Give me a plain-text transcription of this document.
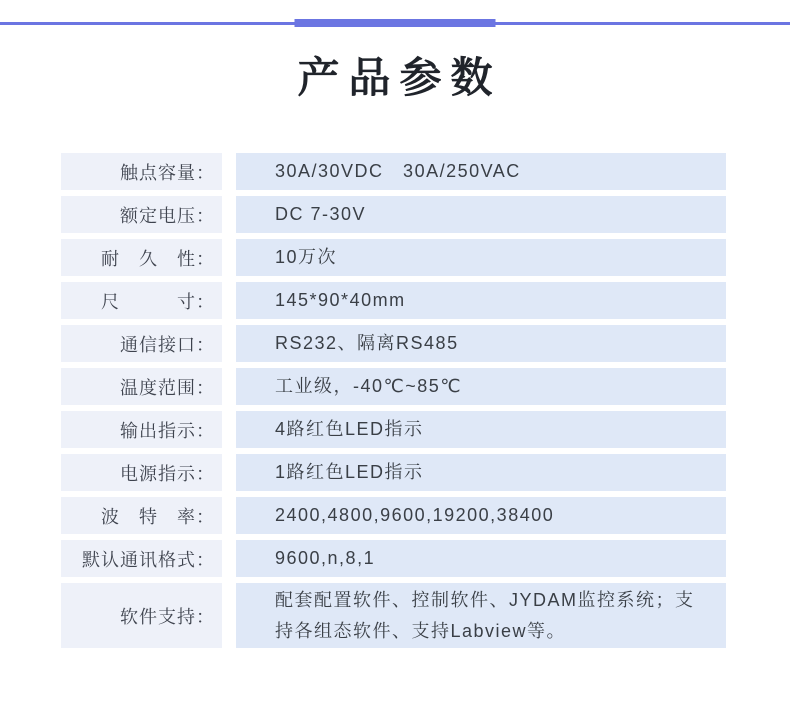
产品参数
触点容量：	30A/30VDC   30A/250VAC
额定电压：	DC 7-30V
耐　久　性：	10万次
尺　　　寸：	145*90*40mm
通信接口：	RS232、隔离RS485
温度范围：	工业级，-40℃~85℃
输出指示：	4路红色LED指示
电源指示：	1路红色LED指示
波　特　率：	2400,4800,9600,19200,38400
默认通讯格式：	9600,n,8,1
软件支持：
配套配置软件、控制软件、JYDAM监控系统；支持各组态软件、支持Labview等。
